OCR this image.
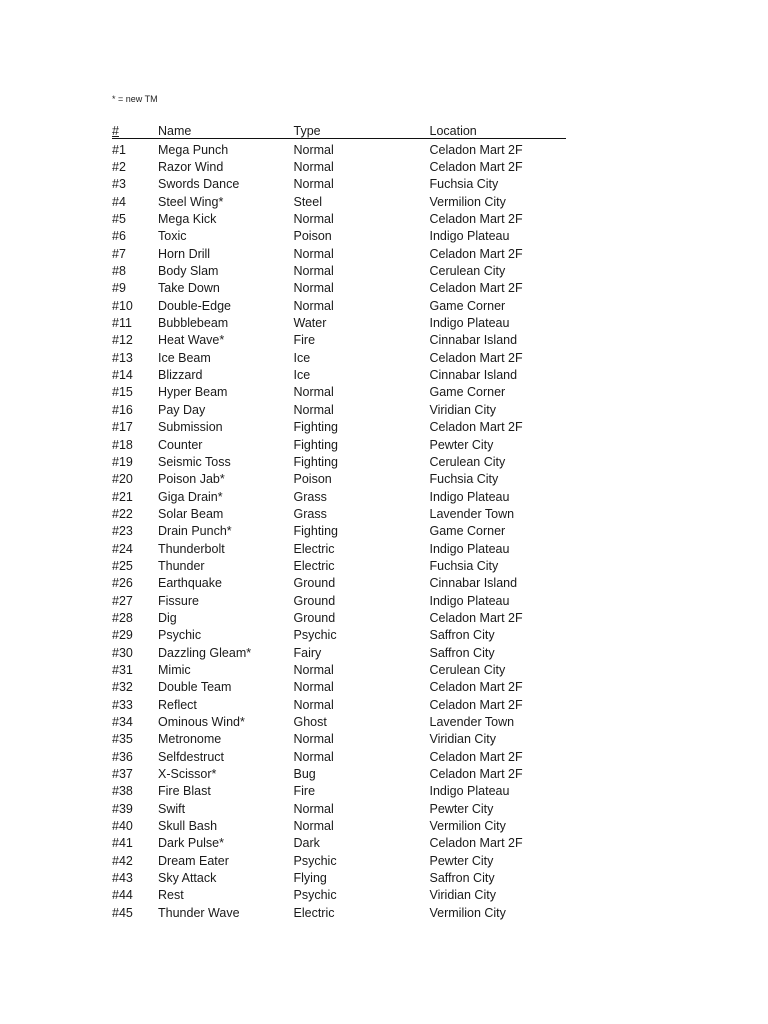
* = new TM
#	Name	Type	Location
#1	Mega Punch	Normal	Celadon Mart 2F
#2	Razor Wind	Normal	Celadon Mart 2F
#3	Swords Dance	Normal	Fuchsia City
#4	Steel Wing*	Steel	Vermilion City
#5	Mega Kick	Normal	Celadon Mart 2F
#6	Toxic	Poison	Indigo Plateau
#7	Horn Drill	Normal	Celadon Mart 2F
#8	Body Slam	Normal	Cerulean City
#9	Take Down	Normal	Celadon Mart 2F
#10	Double-Edge	Normal	Game Corner
#11	Bubblebeam	Water	Indigo Plateau
#12	Heat Wave*	Fire	Cinnabar Island
#13	Ice Beam	Ice	Celadon Mart 2F
#14	Blizzard	Ice	Cinnabar Island
#15	Hyper Beam	Normal	Game Corner
#16	Pay Day	Normal	Viridian City
#17	Submission	Fighting	Celadon Mart 2F
#18	Counter	Fighting	Pewter City
#19	Seismic Toss	Fighting	Cerulean City
#20	Poison Jab*	Poison	Fuchsia City
#21	Giga Drain*	Grass	Indigo Plateau
#22	Solar Beam	Grass	Lavender Town
#23	Drain Punch*	Fighting	Game Corner
#24	Thunderbolt	Electric	Indigo Plateau
#25	Thunder	Electric	Fuchsia City
#26	Earthquake	Ground	Cinnabar Island
#27	Fissure	Ground	Indigo Plateau
#28	Dig	Ground	Celadon Mart 2F
#29	Psychic	Psychic	Saffron City
#30	Dazzling Gleam*	Fairy	Saffron City
#31	Mimic	Normal	Cerulean City
#32	Double Team	Normal	Celadon Mart 2F
#33	Reflect	Normal	Celadon Mart 2F
#34	Ominous Wind*	Ghost	Lavender Town
#35	Metronome	Normal	Viridian City
#36	Selfdestruct	Normal	Celadon Mart 2F
#37	X-Scissor*	Bug	Celadon Mart 2F
#38	Fire Blast	Fire	Indigo Plateau
#39	Swift	Normal	Pewter City
#40	Skull Bash	Normal	Vermilion City
#41	Dark Pulse*	Dark	Celadon Mart 2F
#42	Dream Eater	Psychic	Pewter City
#43	Sky Attack	Flying	Saffron City
#44	Rest	Psychic	Viridian City
#45	Thunder Wave	Electric	Vermilion City
